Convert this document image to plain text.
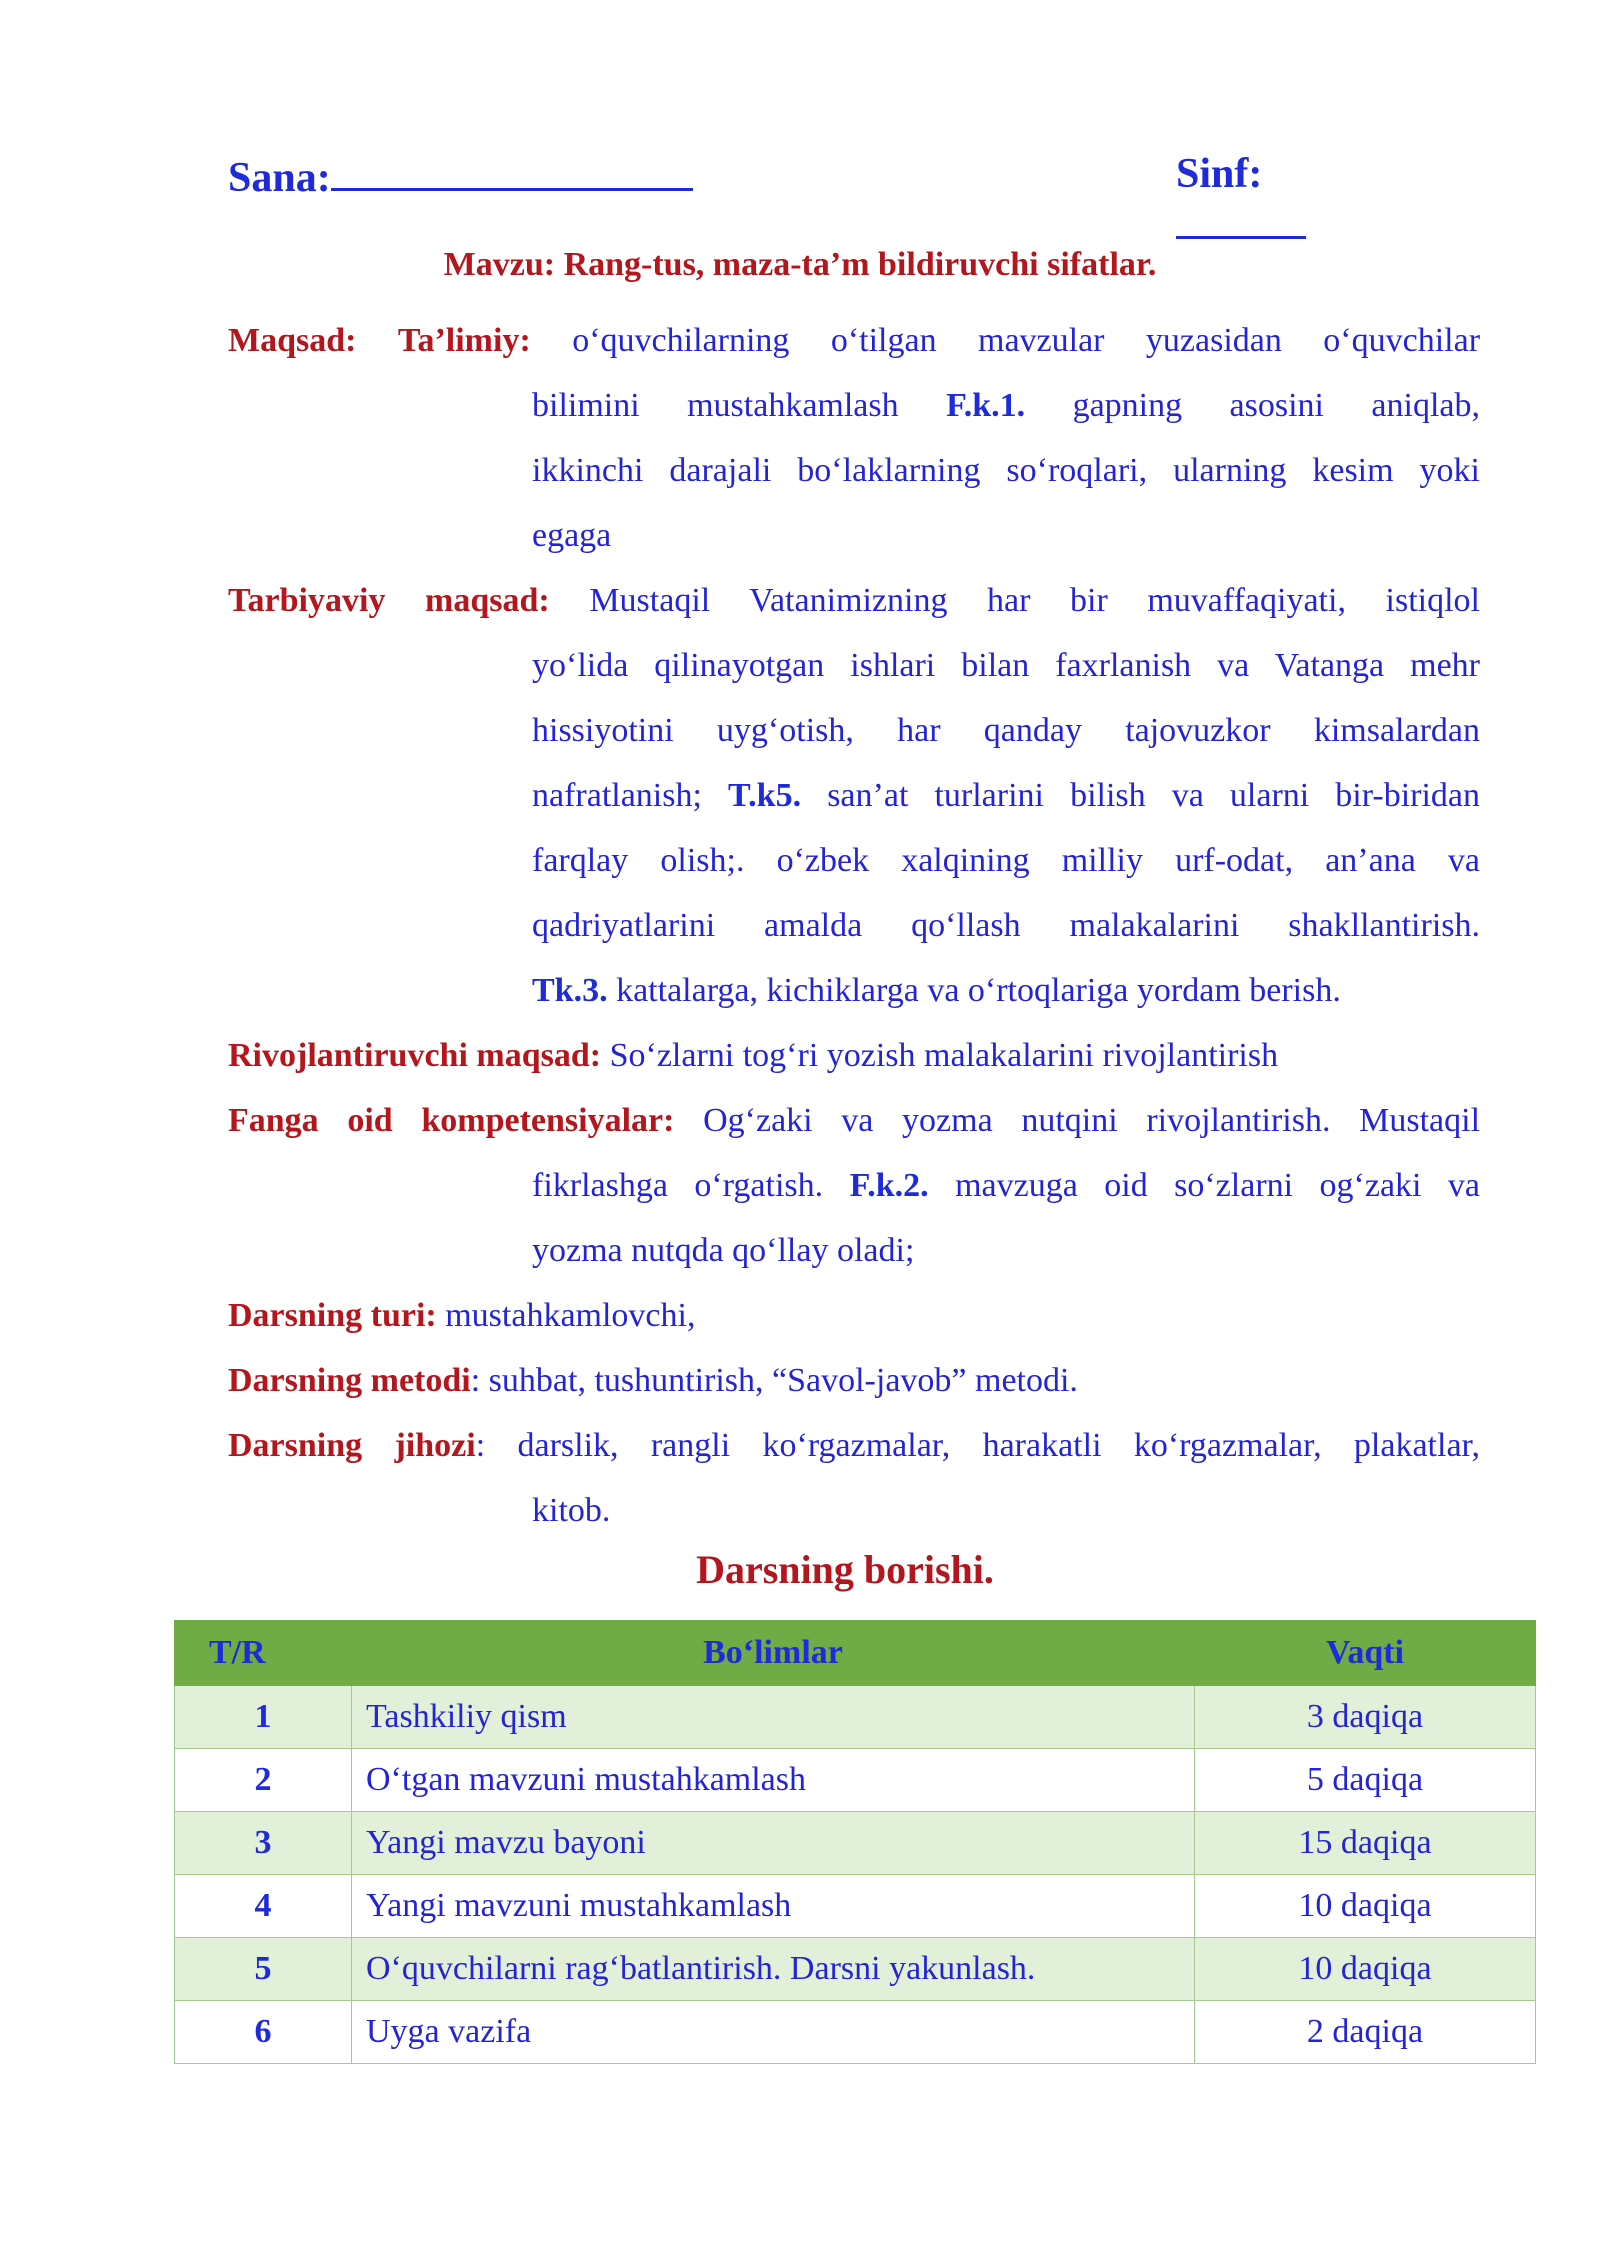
Sana:	Sinf:
Mavzu: Rang-tus, maza-ta’m bildiruvchi sifatlar.
Maqsad: Ta’limiy: o‘quvchilarning o‘tilgan mavzular yuzasidan o‘quvchilar
bilimini mustahkamlash F.k.1. gapning asosini aniqlab,
ikkinchi darajali bo‘laklarning so‘roqlari, ularning kesim yoki
egaga
Tarbiyaviy maqsad: Mustaqil Vatanimizning har bir muvaffaqiyati, istiqlol
yo‘lida qilinayotgan ishlari bilan faxrlanish va Vatanga mehr
hissiyotini uyg‘otish, har qanday tajovuzkor kimsalardan
nafratlanish; T.k5. san’at turlarini bilish va ularni bir-biridan
farqlay olish;. o‘zbek xalqining milliy urf-odat, an’ana va
qadriyatlarini amalda qo‘llash malakalarini shakllantirish.
Tk.3. kattalarga, kichiklarga va o‘rtoqlariga yordam berish.
Rivojlantiruvchi maqsad: So‘zlarni tog‘ri yozish malakalarini rivojlantirish
Fanga oid kompetensiyalar: Og‘zaki va yozma nutqini rivojlantirish. Mustaqil
fikrlashga o‘rgatish. F.k.2. mavzuga oid so‘zlarni og‘zaki va
yozma nutqda qo‘llay oladi;
Darsning turi: mustahkamlovchi,
Darsning metodi: suhbat, tushuntirish, “Savol-javob” metodi.
Darsning jihozi: darslik, rangli ko‘rgazmalar, harakatli ko‘rgazmalar, plakatlar,
kitob.
Darsning borishi.
T/R	Bo‘limlar	Vaqti
1	Tashkiliy qism	3 daqiqa
2	O‘tgan mavzuni mustahkamlash	5 daqiqa
3	Yangi mavzu bayoni	15 daqiqa
4	Yangi mavzuni mustahkamlash	10 daqiqa
5	O‘quvchilarni rag‘batlantirish. Darsni yakunlash.	10 daqiqa
6	Uyga vazifa	2 daqiqa
